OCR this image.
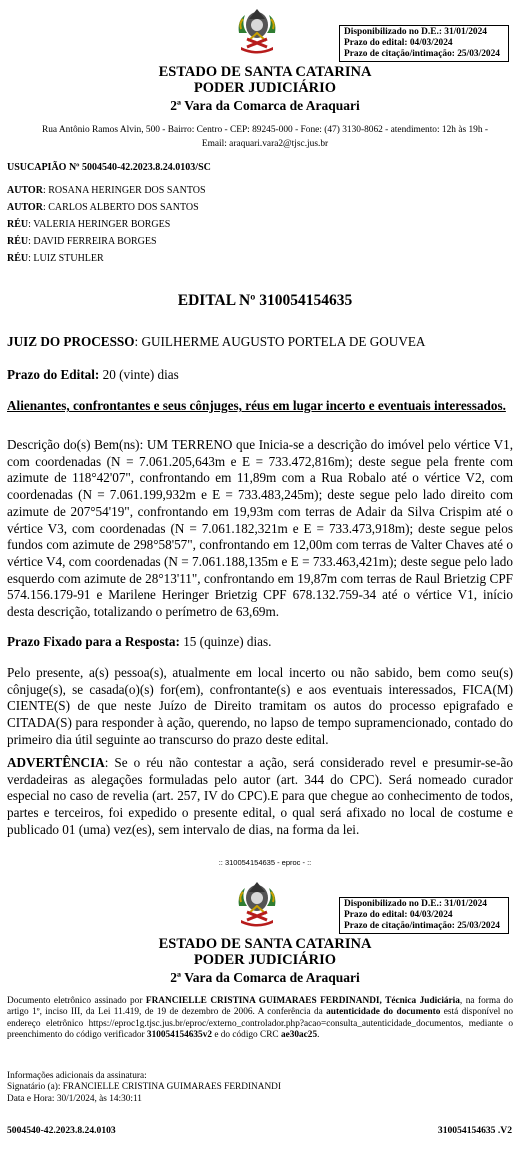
Disponibilizado no D.E.: 31/01/2024
Prazo do edital: 04/03/2024
Prazo de citação/intimação: 25/03/2024
ESTADO DE SANTA CATARINA
PODER JUDICIÁRIO
2ª Vara da Comarca de Araquari
Rua Antônio Ramos Alvin, 500 - Bairro: Centro - CEP: 89245-000 - Fone: (47) 3130-8062 - atendimento: 12h às 19h -
Email: araquari.vara2@tjsc.jus.br
USUCAPIÃO Nº 5004540-42.2023.8.24.0103/SC
AUTOR: ROSANA HERINGER DOS SANTOS
AUTOR: CARLOS ALBERTO DOS SANTOS
RÉU: VALERIA HERINGER BORGES
RÉU: DAVID FERREIRA BORGES
RÉU: LUIZ STUHLER
EDITAL Nº 310054154635
JUIZ DO PROCESSO: GUILHERME AUGUSTO PORTELA DE GOUVEA
Prazo do Edital: 20 (vinte) dias
Alienantes, confrontantes e seus cônjuges, réus em lugar incerto e eventuais interessados.
Descrição do(s) Bem(ns): UM TERRENO que Inicia-se a descrição do imóvel pelo vértice V1, com coordenadas (N = 7.061.205,643m e E = 733.472,816m); deste segue pela frente com azimute de 118°42'07", confrontando em 11,89m com a Rua Robalo até o vértice V2, com coordenadas (N = 7.061.199,932m e E = 733.483,245m); deste segue pelo lado direito com azimute de 207°54'19", confrontando em 19,93m com terras de Adair da Silva Crispim até o vértice V3, com coordenadas (N = 7.061.182,321m e E = 733.473,918m); deste segue pelos fundos com azimute de 298°58'57", confrontando em 12,00m com terras de Valter Chaves até o vértice V4, com coordenadas (N = 7.061.188,135m e E = 733.463,421m); deste segue pelo lado esquerdo com azimute de 28°13'11", confrontando em 19,87m com terras de Raul Brietzig CPF 574.156.179-91 e Marilene Heringer Brietzig CPF 678.132.759-34 até o vértice V1, início desta descrição, totalizando o perímetro de 63,69m.
Prazo Fixado para a Resposta: 15 (quinze) dias.
Pelo presente, a(s) pessoa(s), atualmente em local incerto ou não sabido, bem como seu(s) cônjuge(s), se casada(o)(s) for(em), confrontante(s) e aos eventuais interessados, FICA(M) CIENTE(S) de que neste Juízo de Direito tramitam os autos do processo epigrafado e CITADA(S) para responder à ação, querendo, no lapso de tempo supramencionado, contado do primeiro dia útil seguinte ao transcurso do prazo deste edital.
ADVERTÊNCIA: Se o réu não contestar a ação, será considerado revel e presumir-se-ão verdadeiras as alegações formuladas pelo autor (art. 344 do CPC). Será nomeado curador especial no caso de revelia (art. 257, IV do CPC).E para que chegue ao conhecimento de todos, partes e terceiros, foi expedido o presente edital, o qual será afixado no local de costume e publicado 01 (uma) vez(es), sem intervalo de dias, na forma da lei.
:: 310054154635 - eproc - ::
Disponibilizado no D.E.: 31/01/2024
Prazo do edital: 04/03/2024
Prazo de citação/intimação: 25/03/2024
ESTADO DE SANTA CATARINA
PODER JUDICIÁRIO
2ª Vara da Comarca de Araquari
Documento eletrônico assinado por FRANCIELLE CRISTINA GUIMARAES FERDINANDI, Técnica Judiciária, na forma do artigo 1º, inciso III, da Lei 11.419, de 19 de dezembro de 2006. A conferência da autenticidade do documento está disponível no endereço eletrônico https://eproc1g.tjsc.jus.br/eproc/externo_controlador.php?acao=consulta_autenticidade_documentos, mediante o preenchimento do código verificador 310054154635v2 e do código CRC ae30ac25.
Informações adicionais da assinatura:
Signatário (a): FRANCIELLE CRISTINA GUIMARAES FERDINANDI
Data e Hora: 30/1/2024, às 14:30:11
5004540-42.2023.8.24.0103	310054154635 .V2
